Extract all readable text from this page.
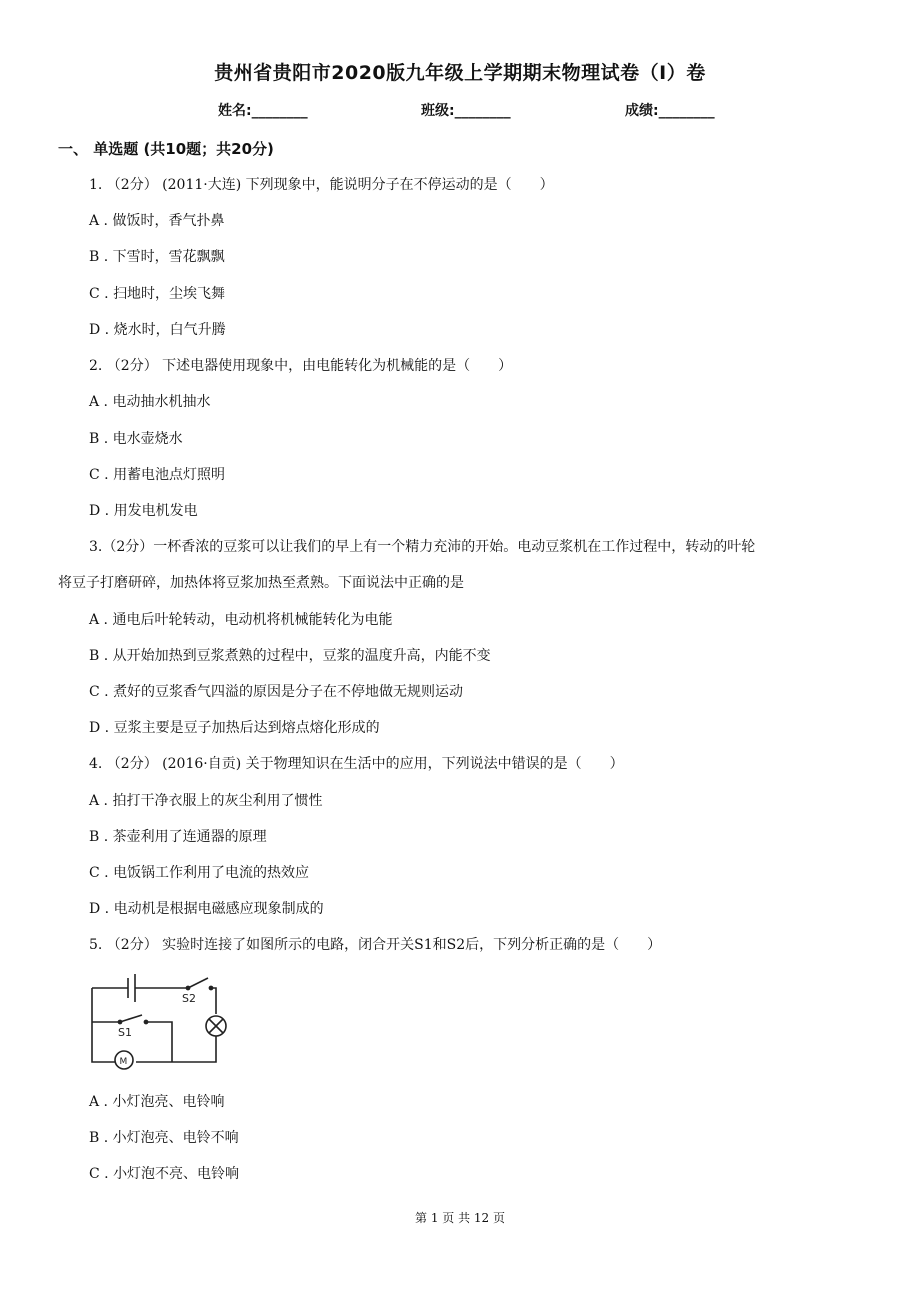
贵州省贵阳市2020版九年级上学期期末物理试卷（I）卷
姓名:________	班级:________	成绩:________
一、 单选题 (共10题；共20分)
1. （2分） (2011·大连) 下列现象中，能说明分子在不停运动的是（　　）
A . 做饭时，香气扑鼻
B . 下雪时，雪花飘飘
C . 扫地时，尘埃飞舞
D . 烧水时，白气升腾
2. （2分） 下述电器使用现象中，由电能转化为机械能的是（　　）
A . 电动抽水机抽水
B . 电水壶烧水
C . 用蓄电池点灯照明
D . 用发电机发电
3.（2分）一杯香浓的豆浆可以让我们的早上有一个精力充沛的开始。电动豆浆机在工作过程中，转动的叶轮
将豆子打磨研碎，加热体将豆浆加热至煮熟。下面说法中正确的是
A . 通电后叶轮转动，电动机将机械能转化为电能
B . 从开始加热到豆浆煮熟的过程中，豆浆的温度升高，内能不变
C . 煮好的豆浆香气四溢的原因是分子在不停地做无规则运动
D . 豆浆主要是豆子加热后达到熔点熔化形成的
4. （2分） (2016·自贡) 关于物理知识在生活中的应用，下列说法中错误的是（　　）
A . 拍打干净衣服上的灰尘利用了惯性
B . 茶壶利用了连通器的原理
C . 电饭锅工作利用了电流的热效应
D . 电动机是根据电磁感应现象制成的
5. （2分） 实验时连接了如图所示的电路，闭合开关S1和S2后，下列分析正确的是（　　）
S2
S1
M
A . 小灯泡亮、电铃响
B . 小灯泡亮、电铃不响
C . 小灯泡不亮、电铃响
第 1 页 共 12 页
